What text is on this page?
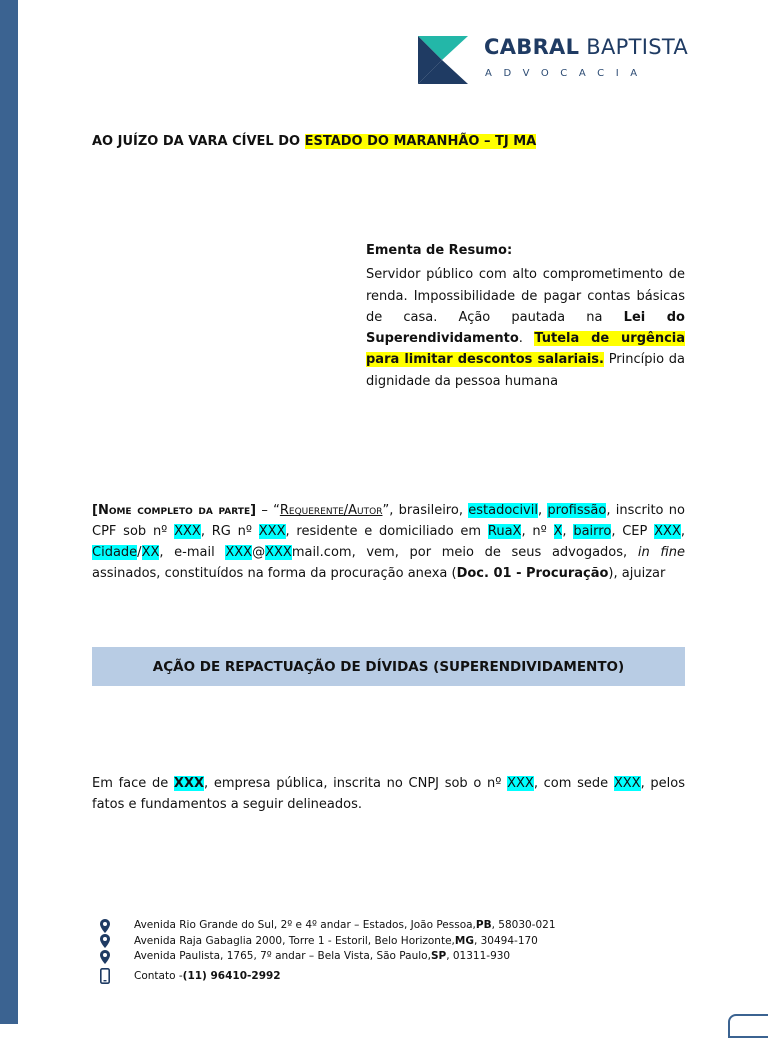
CABRAL BAPTISTA
ADVOCACIA
AO JUÍZO DA VARA CÍVEL DO ESTADO DO MARANHÃO – TJ MA
Ementa de Resumo:
Servidor público com alto comprometimento de renda. Impossibilidade de pagar contas básicas de casa. Ação pautada na Lei do Superendividamento. Tutela de urgência para limitar descontos salariais. Princípio da dignidade da pessoa humana
[Nome completo da parte] – “Requerente/Autor”, brasileiro, estadocivil, profissão, inscrito no CPF sob nº XXX, RG nº XXX, residente e domiciliado em RuaX, nº X, bairro, CEP XXX, Cidade/XX, e-mail XXX@XXXmail.com, vem, por meio de seus advogados, in fine assinados, constituídos na forma da procuração anexa (Doc. 01 - Procuração), ajuizar
AÇÃO DE REPACTUAÇÃO DE DÍVIDAS (SUPERENDIVIDAMENTO)
Em face de XXX, empresa pública, inscrita no CNPJ sob o nº XXX, com sede XXX, pelos fatos e fundamentos a seguir delineados.
Avenida Rio Grande do Sul, 2º e 4º andar – Estados, João Pessoa, PB , 58030-021
Avenida Raja Gabaglia 2000, Torre 1 - Estoril, Belo Horizonte, MG , 30494-170
Avenida Paulista, 1765, 7º andar – Bela Vista, São Paulo, SP , 01311-930
Contato - (11) 96410-2992
